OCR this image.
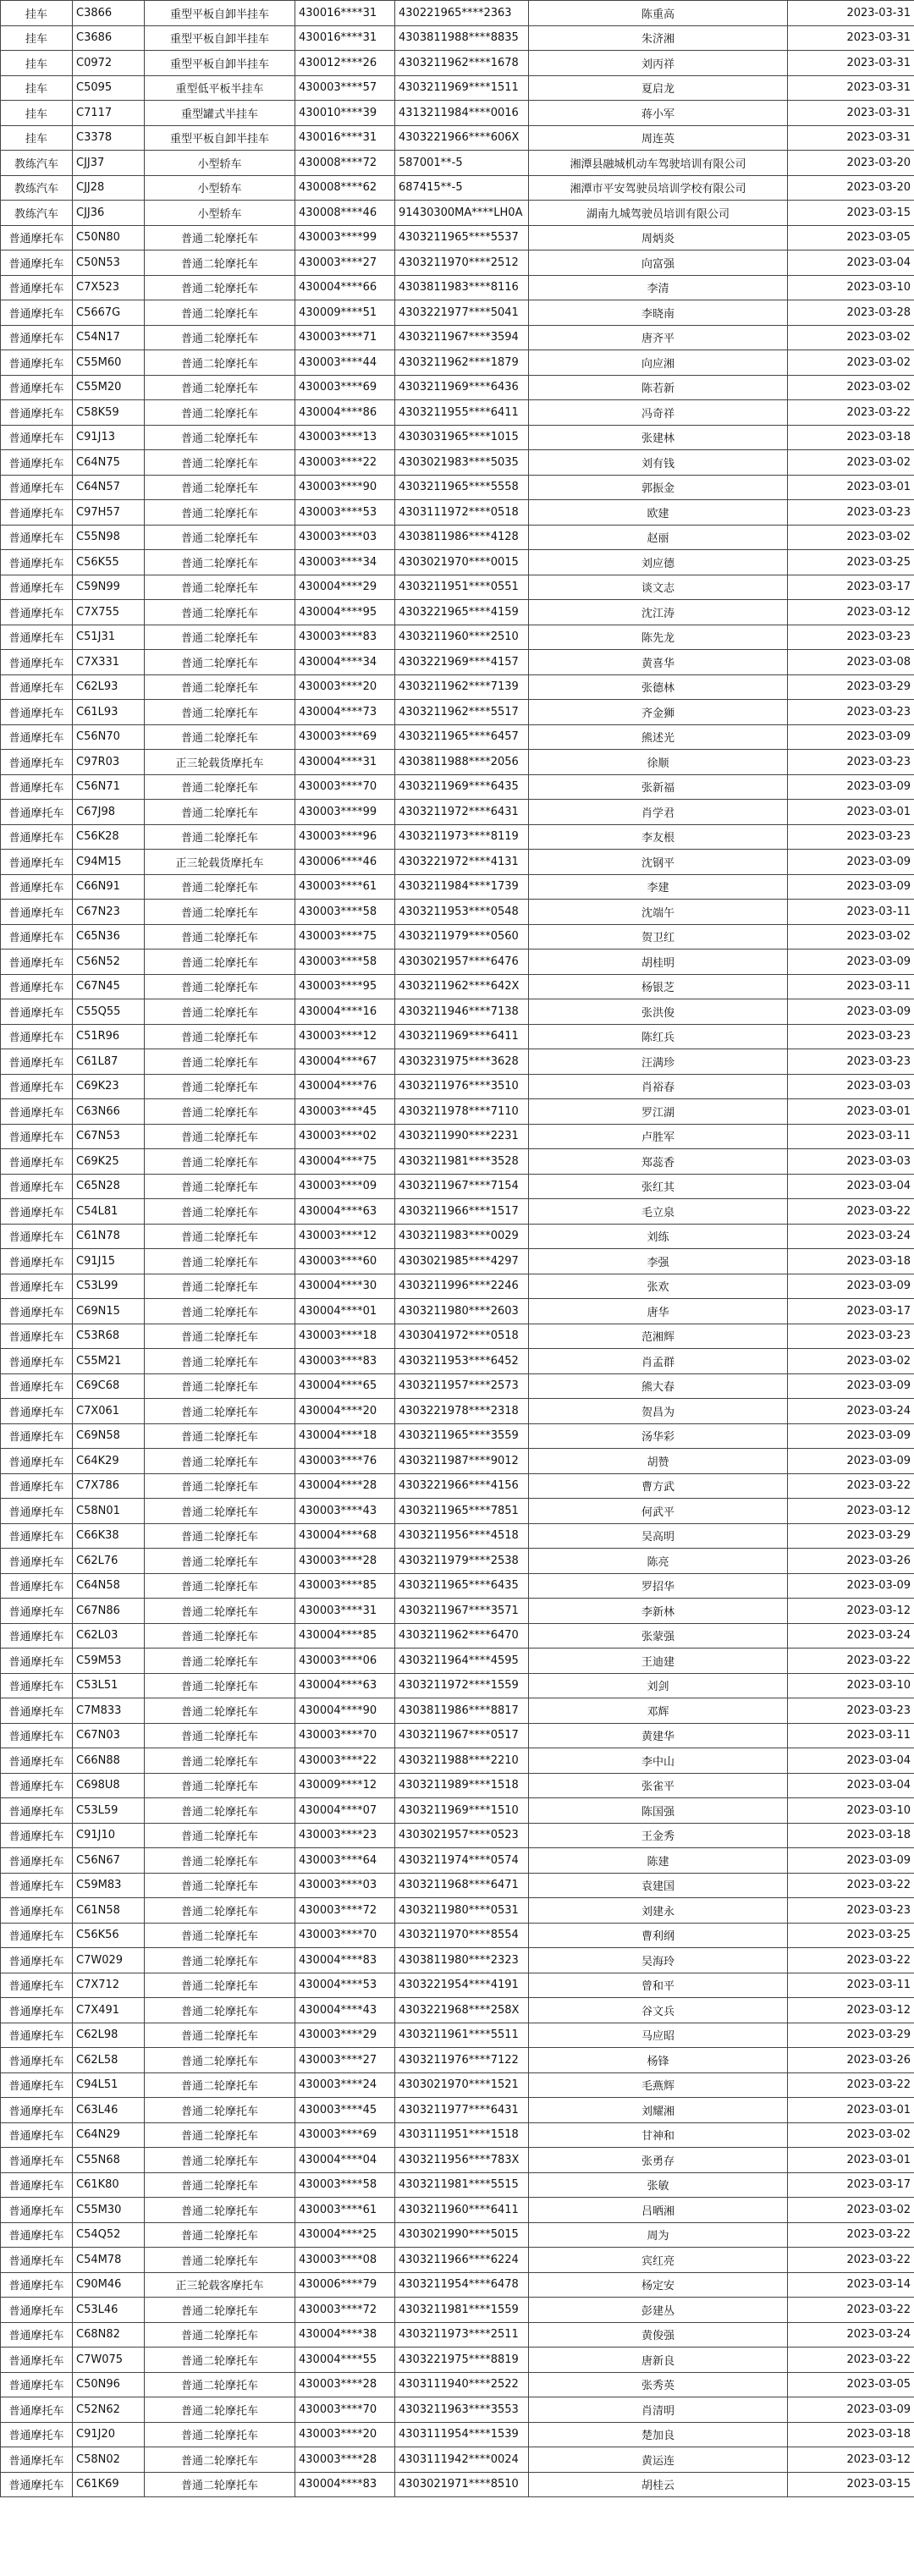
挂车	C3866	重型平板自卸半挂车	430016****31	430221965****2363	陈重高	2023-03-31
挂车	C3686	重型平板自卸半挂车	430016****31	4303811988****8835	朱济湘	2023-03-31
挂车	C0972	重型平板自卸半挂车	430012****26	4303211962****1678	刘丙祥	2023-03-31
挂车	C5095	重型低平板半挂车	430003****57	4303211969****1511	夏启龙	2023-03-31
挂车	C7117	重型罐式半挂车	430010****39	4313211984****0016	蒋小军	2023-03-31
挂车	C3378	重型平板自卸半挂车	430016****31	4303221966****606X	周连英	2023-03-31
教练汽车	CJJ37	小型轿车	430008****72	587001**-5	湘潭县融城机动车驾驶培训有限公司	2023-03-20
教练汽车	CJJ28	小型轿车	430008****62	687415**-5	湘潭市平安驾驶员培训学校有限公司	2023-03-20
教练汽车	CJJ36	小型轿车	430008****46	91430300MA****LH0A	湖南九城驾驶员培训有限公司	2023-03-15
普通摩托车	C50N80	普通二轮摩托车	430003****99	4303211965****5537	周炳炎	2023-03-05
普通摩托车	C50N53	普通二轮摩托车	430003****27	4303211970****2512	向富强	2023-03-04
普通摩托车	C7X523	普通二轮摩托车	430004****66	4303811983****8116	李清	2023-03-10
普通摩托车	C5667G	普通二轮摩托车	430009****51	4303221977****5041	李晓南	2023-03-28
普通摩托车	C54N17	普通二轮摩托车	430003****71	4303211967****3594	唐齐平	2023-03-02
普通摩托车	C55M60	普通二轮摩托车	430003****44	4303211962****1879	向应湘	2023-03-02
普通摩托车	C55M20	普通二轮摩托车	430003****69	4303211969****6436	陈若新	2023-03-02
普通摩托车	C58K59	普通二轮摩托车	430004****86	4303211955****6411	冯奇祥	2023-03-22
普通摩托车	C91J13	普通二轮摩托车	430003****13	4303031965****1015	张建林	2023-03-18
普通摩托车	C64N75	普通二轮摩托车	430003****22	4303021983****5035	刘有钱	2023-03-02
普通摩托车	C64N57	普通二轮摩托车	430003****90	4303211965****5558	郭振金	2023-03-01
普通摩托车	C97H57	普通二轮摩托车	430003****53	4303111972****0518	欧建	2023-03-23
普通摩托车	C55N98	普通二轮摩托车	430003****03	4303811986****4128	赵丽	2023-03-02
普通摩托车	C56K55	普通二轮摩托车	430003****34	4303021970****0015	刘应德	2023-03-25
普通摩托车	C59N99	普通二轮摩托车	430004****29	4303211951****0551	谈文志	2023-03-17
普通摩托车	C7X755	普通二轮摩托车	430004****95	4303221965****4159	沈江涛	2023-03-12
普通摩托车	C51J31	普通二轮摩托车	430003****83	4303211960****2510	陈先龙	2023-03-23
普通摩托车	C7X331	普通二轮摩托车	430004****34	4303221969****4157	黄喜华	2023-03-08
普通摩托车	C62L93	普通二轮摩托车	430003****20	4303211962****7139	张德林	2023-03-29
普通摩托车	C61L93	普通二轮摩托车	430004****73	4303211962****5517	齐金狮	2023-03-23
普通摩托车	C56N70	普通二轮摩托车	430003****69	4303211965****6457	熊述光	2023-03-09
普通摩托车	C97R03	正三轮载货摩托车	430004****31	4303811988****2056	徐顺	2023-03-23
普通摩托车	C56N71	普通二轮摩托车	430003****70	4303211969****6435	张新福	2023-03-09
普通摩托车	C67J98	普通二轮摩托车	430003****99	4303211972****6431	肖学君	2023-03-01
普通摩托车	C56K28	普通二轮摩托车	430003****96	4303211973****8119	李友根	2023-03-23
普通摩托车	C94M15	正三轮载货摩托车	430006****46	4303221972****4131	沈钢平	2023-03-09
普通摩托车	C66N91	普通二轮摩托车	430003****61	4303211984****1739	李建	2023-03-09
普通摩托车	C67N23	普通二轮摩托车	430003****58	4303211953****0548	沈端午	2023-03-11
普通摩托车	C65N36	普通二轮摩托车	430003****75	4303211979****0560	贺卫红	2023-03-02
普通摩托车	C56N52	普通二轮摩托车	430003****58	4303021957****6476	胡桂明	2023-03-09
普通摩托车	C67N45	普通二轮摩托车	430003****95	4303211962****642X	杨银芝	2023-03-11
普通摩托车	C55Q55	普通二轮摩托车	430004****16	4303211946****7138	张洪俊	2023-03-09
普通摩托车	C51R96	普通二轮摩托车	430003****12	4303211969****6411	陈红兵	2023-03-23
普通摩托车	C61L87	普通二轮摩托车	430004****67	4303231975****3628	汪满珍	2023-03-23
普通摩托车	C69K23	普通二轮摩托车	430004****76	4303211976****3510	肖裕春	2023-03-03
普通摩托车	C63N66	普通二轮摩托车	430003****45	4303211978****7110	罗江湖	2023-03-01
普通摩托车	C67N53	普通二轮摩托车	430003****02	4303211990****2231	卢胜军	2023-03-11
普通摩托车	C69K25	普通二轮摩托车	430004****75	4303211981****3528	郑蕊香	2023-03-03
普通摩托车	C65N28	普通二轮摩托车	430003****09	4303211967****7154	张红其	2023-03-04
普通摩托车	C54L81	普通二轮摩托车	430004****63	4303211966****1517	毛立泉	2023-03-22
普通摩托车	C61N78	普通二轮摩托车	430003****12	4303211983****0029	刘练	2023-03-24
普通摩托车	C91J15	普通二轮摩托车	430003****60	4303021985****4297	李强	2023-03-18
普通摩托车	C53L99	普通二轮摩托车	430004****30	4303211996****2246	张欢	2023-03-09
普通摩托车	C69N15	普通二轮摩托车	430004****01	4303211980****2603	唐华	2023-03-17
普通摩托车	C53R68	普通二轮摩托车	430003****18	4303041972****0518	范湘辉	2023-03-23
普通摩托车	C55M21	普通二轮摩托车	430003****83	4303211953****6452	肖孟群	2023-03-02
普通摩托车	C69C68	普通二轮摩托车	430004****65	4303211957****2573	熊大春	2023-03-09
普通摩托车	C7X061	普通二轮摩托车	430004****20	4303221978****2318	贺昌为	2023-03-24
普通摩托车	C69N58	普通二轮摩托车	430004****18	4303211965****3559	汤华彩	2023-03-09
普通摩托车	C64K29	普通二轮摩托车	430003****76	4303211987****9012	胡赞	2023-03-09
普通摩托车	C7X786	普通二轮摩托车	430004****28	4303221966****4156	曹方武	2023-03-22
普通摩托车	C58N01	普通二轮摩托车	430003****43	4303211965****7851	何武平	2023-03-12
普通摩托车	C66K38	普通二轮摩托车	430004****68	4303211956****4518	吴高明	2023-03-29
普通摩托车	C62L76	普通二轮摩托车	430003****28	4303211979****2538	陈亮	2023-03-26
普通摩托车	C64N58	普通二轮摩托车	430003****85	4303211965****6435	罗招华	2023-03-09
普通摩托车	C67N86	普通二轮摩托车	430003****31	4303211967****3571	李新林	2023-03-12
普通摩托车	C62L03	普通二轮摩托车	430004****85	4303211962****6470	张蒙强	2023-03-24
普通摩托车	C59M53	普通二轮摩托车	430003****06	4303211964****4595	王迪建	2023-03-22
普通摩托车	C53L51	普通二轮摩托车	430004****63	4303211972****1559	刘剑	2023-03-10
普通摩托车	C7M833	普通二轮摩托车	430004****90	4303811986****8817	邓辉	2023-03-23
普通摩托车	C67N03	普通二轮摩托车	430003****70	4303211967****0517	黄建华	2023-03-11
普通摩托车	C66N88	普通二轮摩托车	430003****22	4303211988****2210	李中山	2023-03-04
普通摩托车	C698U8	普通二轮摩托车	430009****12	4303211989****1518	张雀平	2023-03-04
普通摩托车	C53L59	普通二轮摩托车	430004****07	4303211969****1510	陈国强	2023-03-10
普通摩托车	C91J10	普通二轮摩托车	430003****23	4303021957****0523	王金秀	2023-03-18
普通摩托车	C56N67	普通二轮摩托车	430003****64	4303211974****0574	陈建	2023-03-09
普通摩托车	C59M83	普通二轮摩托车	430003****03	4303211968****6471	袁建国	2023-03-22
普通摩托车	C61N58	普通二轮摩托车	430003****72	4303211980****0531	刘建永	2023-03-23
普通摩托车	C56K56	普通二轮摩托车	430003****70	4303211970****8554	曹利纲	2023-03-25
普通摩托车	C7W029	普通二轮摩托车	430004****83	4303811980****2323	吴海玲	2023-03-22
普通摩托车	C7X712	普通二轮摩托车	430004****53	4303221954****4191	曾和平	2023-03-11
普通摩托车	C7X491	普通二轮摩托车	430004****43	4303221968****258X	谷文兵	2023-03-12
普通摩托车	C62L98	普通二轮摩托车	430003****29	4303211961****5511	马应昭	2023-03-29
普通摩托车	C62L58	普通二轮摩托车	430003****27	4303211976****7122	杨锋	2023-03-26
普通摩托车	C94L51	普通二轮摩托车	430003****24	4303021970****1521	毛燕辉	2023-03-22
普通摩托车	C63L46	普通二轮摩托车	430003****45	4303211977****6431	刘耀湘	2023-03-01
普通摩托车	C64N29	普通二轮摩托车	430003****69	4303111951****1518	甘神和	2023-03-02
普通摩托车	C55N68	普通二轮摩托车	430004****04	4303211956****783X	张勇存	2023-03-01
普通摩托车	C61K80	普通二轮摩托车	430003****58	4303211981****5515	张敏	2023-03-17
普通摩托车	C55M30	普通二轮摩托车	430003****61	4303211960****6411	吕晒湘	2023-03-02
普通摩托车	C54Q52	普通二轮摩托车	430004****25	4303021990****5015	周为	2023-03-22
普通摩托车	C54M78	普通二轮摩托车	430003****08	4303211966****6224	宾红亮	2023-03-22
普通摩托车	C90M46	正三轮载客摩托车	430006****79	4303211954****6478	杨定安	2023-03-14
普通摩托车	C53L46	普通二轮摩托车	430003****72	4303211981****1559	彭建丛	2023-03-22
普通摩托车	C68N82	普通二轮摩托车	430004****38	4303211973****2511	黄俊强	2023-03-24
普通摩托车	C7W075	普通二轮摩托车	430004****55	4303221975****8819	唐新良	2023-03-22
普通摩托车	C50N96	普通二轮摩托车	430003****28	4303111940****2522	张秀英	2023-03-05
普通摩托车	C52N62	普通二轮摩托车	430003****70	4303211963****3553	肖清明	2023-03-09
普通摩托车	C91J20	普通二轮摩托车	430003****20	4303111954****1539	楚加良	2023-03-18
普通摩托车	C58N02	普通二轮摩托车	430003****28	4303111942****0024	黄运连	2023-03-12
普通摩托车	C61K69	普通二轮摩托车	430004****83	4303021971****8510	胡桂云	2023-03-15
